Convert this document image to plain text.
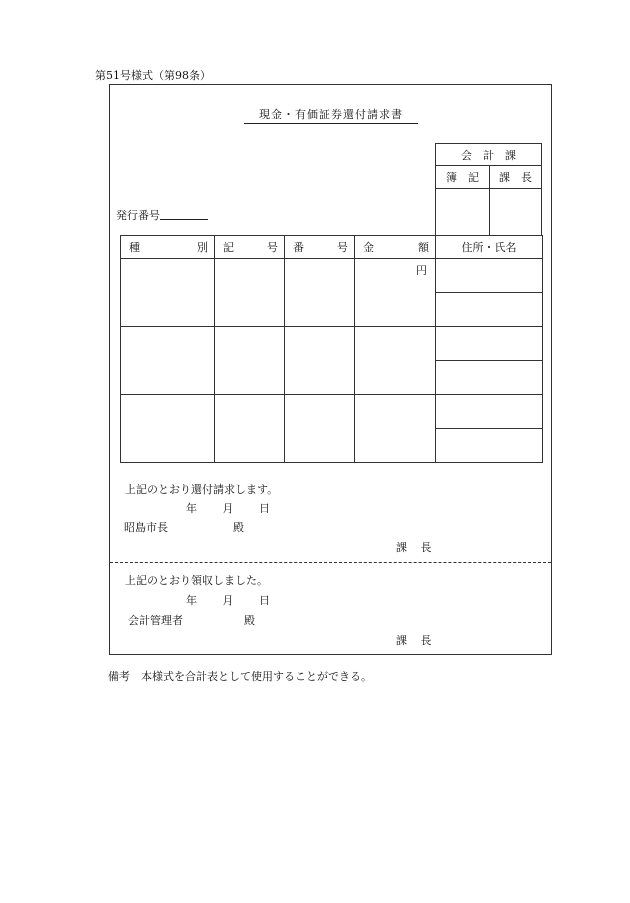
第51号様式（第98条）
現金・有価証券還付請求書
会　計　課	
簿　記	課　長

発行番号
種 別	記 号	番 号	金 額	住所・氏名

			円	

上記のとおり還付請求します。
年 月 日
昭島市長	殿
課 長
上記のとおり領収しました。
年 月 日
会計管理者	殿
課 長
備考　本様式を合計表として使用することができる。
